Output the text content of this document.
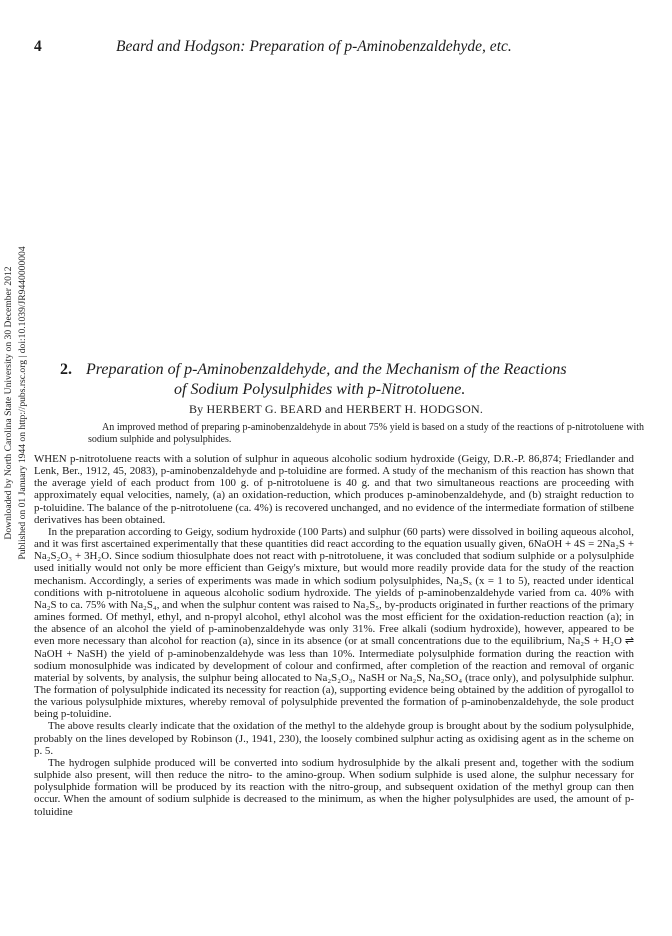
4	Beard and Hodgson: Preparation of p-Aminobenzaldehyde, etc.
Downloaded by North Carolina State University on 30 December 2012 Published on 01 January 1944 on http://pubs.rsc.org | doi:10.1039/JR9440000004 2. Preparation of p-Aminobenzaldehyde, and the Mechanism of the Reactions
of Sodium Polysulphides with p-Nitrotoluene.
By HERBERT G. BEARD and HERBERT H. HODGSON.
An improved method of preparing p-aminobenzaldehyde in about 75% yield is based on a study of the reactions of p-nitrotoluene with sodium sulphide and polysulphides.

WHEN p-nitrotoluene reacts with a solution of sulphur in aqueous alcoholic sodium hydroxide (Geigy, D.R.-P. 86,874; Friedlander and Lenk, Ber., 1912, 45, 2083), p-aminobenzaldehyde and p-toluidine are formed. A study of the mechanism of this reaction has shown that the average yield of each product from 100 g. of p-nitrotoluene is 40 g. and that two simultaneous reactions are proceeding with approximately equal velocities, namely, (a) an oxidation-reduction, which produces p-aminobenzaldehyde, and (b) straight reduction to p-toluidine. The balance of the p-nitrotoluene (ca. 4%) is recovered unchanged, and no evidence of the intermediate formation of stilbene derivatives has been obtained.

In the preparation according to Geigy, sodium hydroxide (100 Parts) and sulphur (60 parts) were dissolved in boiling aqueous alcohol, and it was first ascertained experimentally that these quantities did react according to the equation usually given, 6NaOH + 4S = 2Na₂S + Na₂S₂O₃ + 3H₂O. Since sodium thiosulphate does not react with p-nitrotoluene, it was concluded that sodium sulphide or a polysulphide used initially would not only be more efficient than Geigy's mixture, but would more readily provide data for the study of the reaction mechanism. Accordingly, a series of experiments was made in which sodium polysulphides, Na₂Sₓ (x = 1 to 5), reacted under identical conditions with p-nitrotoluene in aqueous alcoholic sodium hydroxide. The yields of p-aminobenzaldehyde varied from ca. 40% with Na₂S to ca. 75% with Na₂S₄, and when the sulphur content was raised to Na₂S₅, by-products originated in further reactions of the primary amines formed. Of methyl, ethyl, and n-propyl alcohol, ethyl alcohol was the most efficient for the oxidation-reduction reaction (a); in the absence of an alcohol the yield of p-aminobenzaldehyde was only 31%. Free alkali (sodium hydroxide), however, appeared to be even more necessary than alcohol for reaction (a), since in its absence (or at small concentrations due to the equilibrium, Na₂S + H₂O ⇌ NaOH + NaSH) the yield of p-aminobenzaldehyde was less than 10%. Intermediate polysulphide formation during the reaction with sodium monosulphide was indicated by development of colour and confirmed, after completion of the reaction and removal of organic material by solvents, by analysis, the sulphur being allocated to Na₂S₂O₃, NaSH or Na₂S, Na₂SO₄ (trace only), and polysulphide sulphur. The formation of polysulphide indicated its necessity for reaction (a), supporting evidence being obtained by the addition of pyrogallol to the various polysulphide mixtures, whereby removal of polysulphide prevented the formation of p-aminobenzaldehyde, the sole product being p-toluidine.

The above results clearly indicate that the oxidation of the methyl to the aldehyde group is brought about by the sodium polysulphide, probably on the lines developed by Robinson (J., 1941, 230), the loosely combined sulphur acting as oxidising agent as in the scheme on p. 5.

The hydrogen sulphide produced will be converted into sodium hydrosulphide by the alkali present and, together with the sodium sulphide also present, will then reduce the nitro- to the amino-group. When sodium sulphide is used alone, the sulphur necessary for polysulphide formation will be produced by its reaction with the nitro-group, and subsequent oxidation of the methyl group can then occur. When the amount of sodium sulphide is decreased to the minimum, as when the higher polysulphides are used, the amount of p-toluidine
